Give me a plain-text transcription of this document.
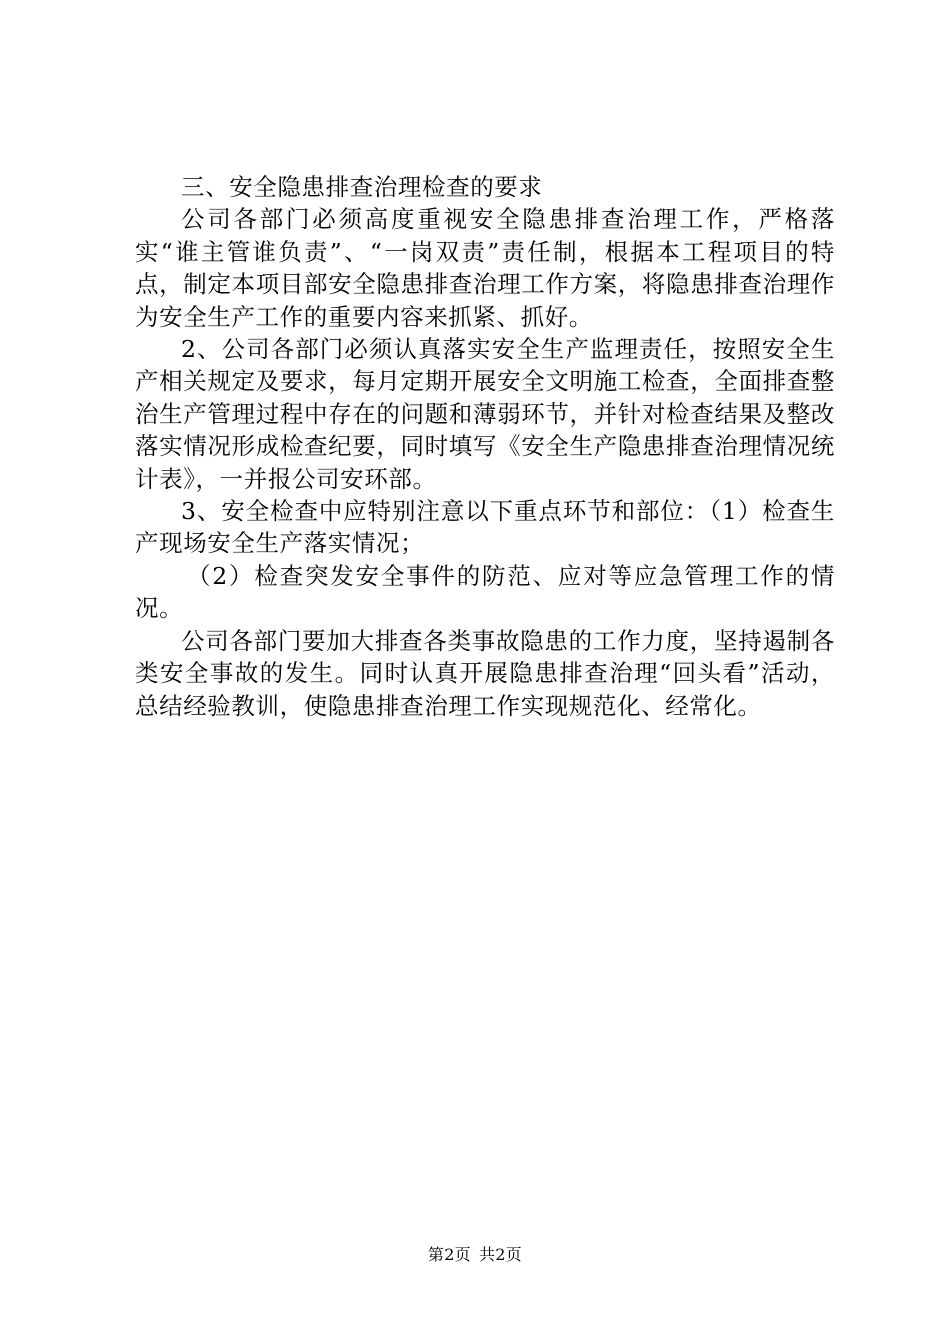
三、安全隐患排查治理检查的要求

公司各部门必须高度重视安全隐患排查治理工作，严格落实“谁主管谁负责”、“一岗双责”责任制，根据本工程项目的特点，制定本项目部安全隐患排查治理工作方案，将隐患排查治理作为安全生产工作的重要内容来抓紧、抓好。

2、公司各部门必须认真落实安全生产监理责任，按照安全生产相关规定及要求，每月定期开展安全文明施工检查，全面排查整治生产管理过程中存在的问题和薄弱环节，并针对检查结果及整改落实情况形成检查纪要，同时填写《安全生产隐患排查治理情况统计表》，一并报公司安环部。

3、安全检查中应特别注意以下重点环节和部位：（1）检查生产现场安全生产落实情况；

（2）检查突发安全事件的防范、应对等应急管理工作的情况。

公司各部门要加大排查各类事故隐患的工作力度，坚持遏制各类安全事故的发生。同时认真开展隐患排查治理“回头看”活动，总结经验教训，使隐患排查治理工作实现规范化、经常化。

第2页 共2页
